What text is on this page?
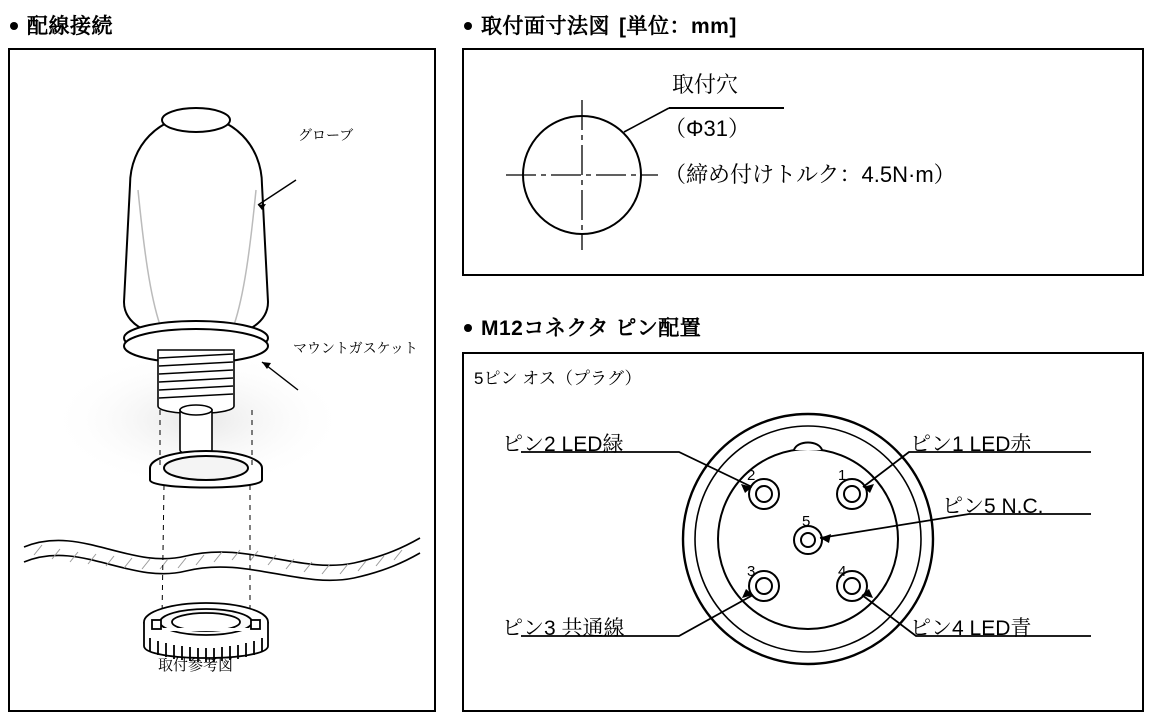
配線接続
グローブ
マウントガスケット
取付参考図
取付面寸法図 [単位：mm]
取付穴
（Φ31）
（締め付けトルク：4.5N·m）
M12コネクタ ピン配置
5ピン オス（プラグ）
1
2
3	4
5
ピン2 LED緑	ピン1 LED赤
ピン5 N.C.
ピン3 共通線	ピン4 LED青
